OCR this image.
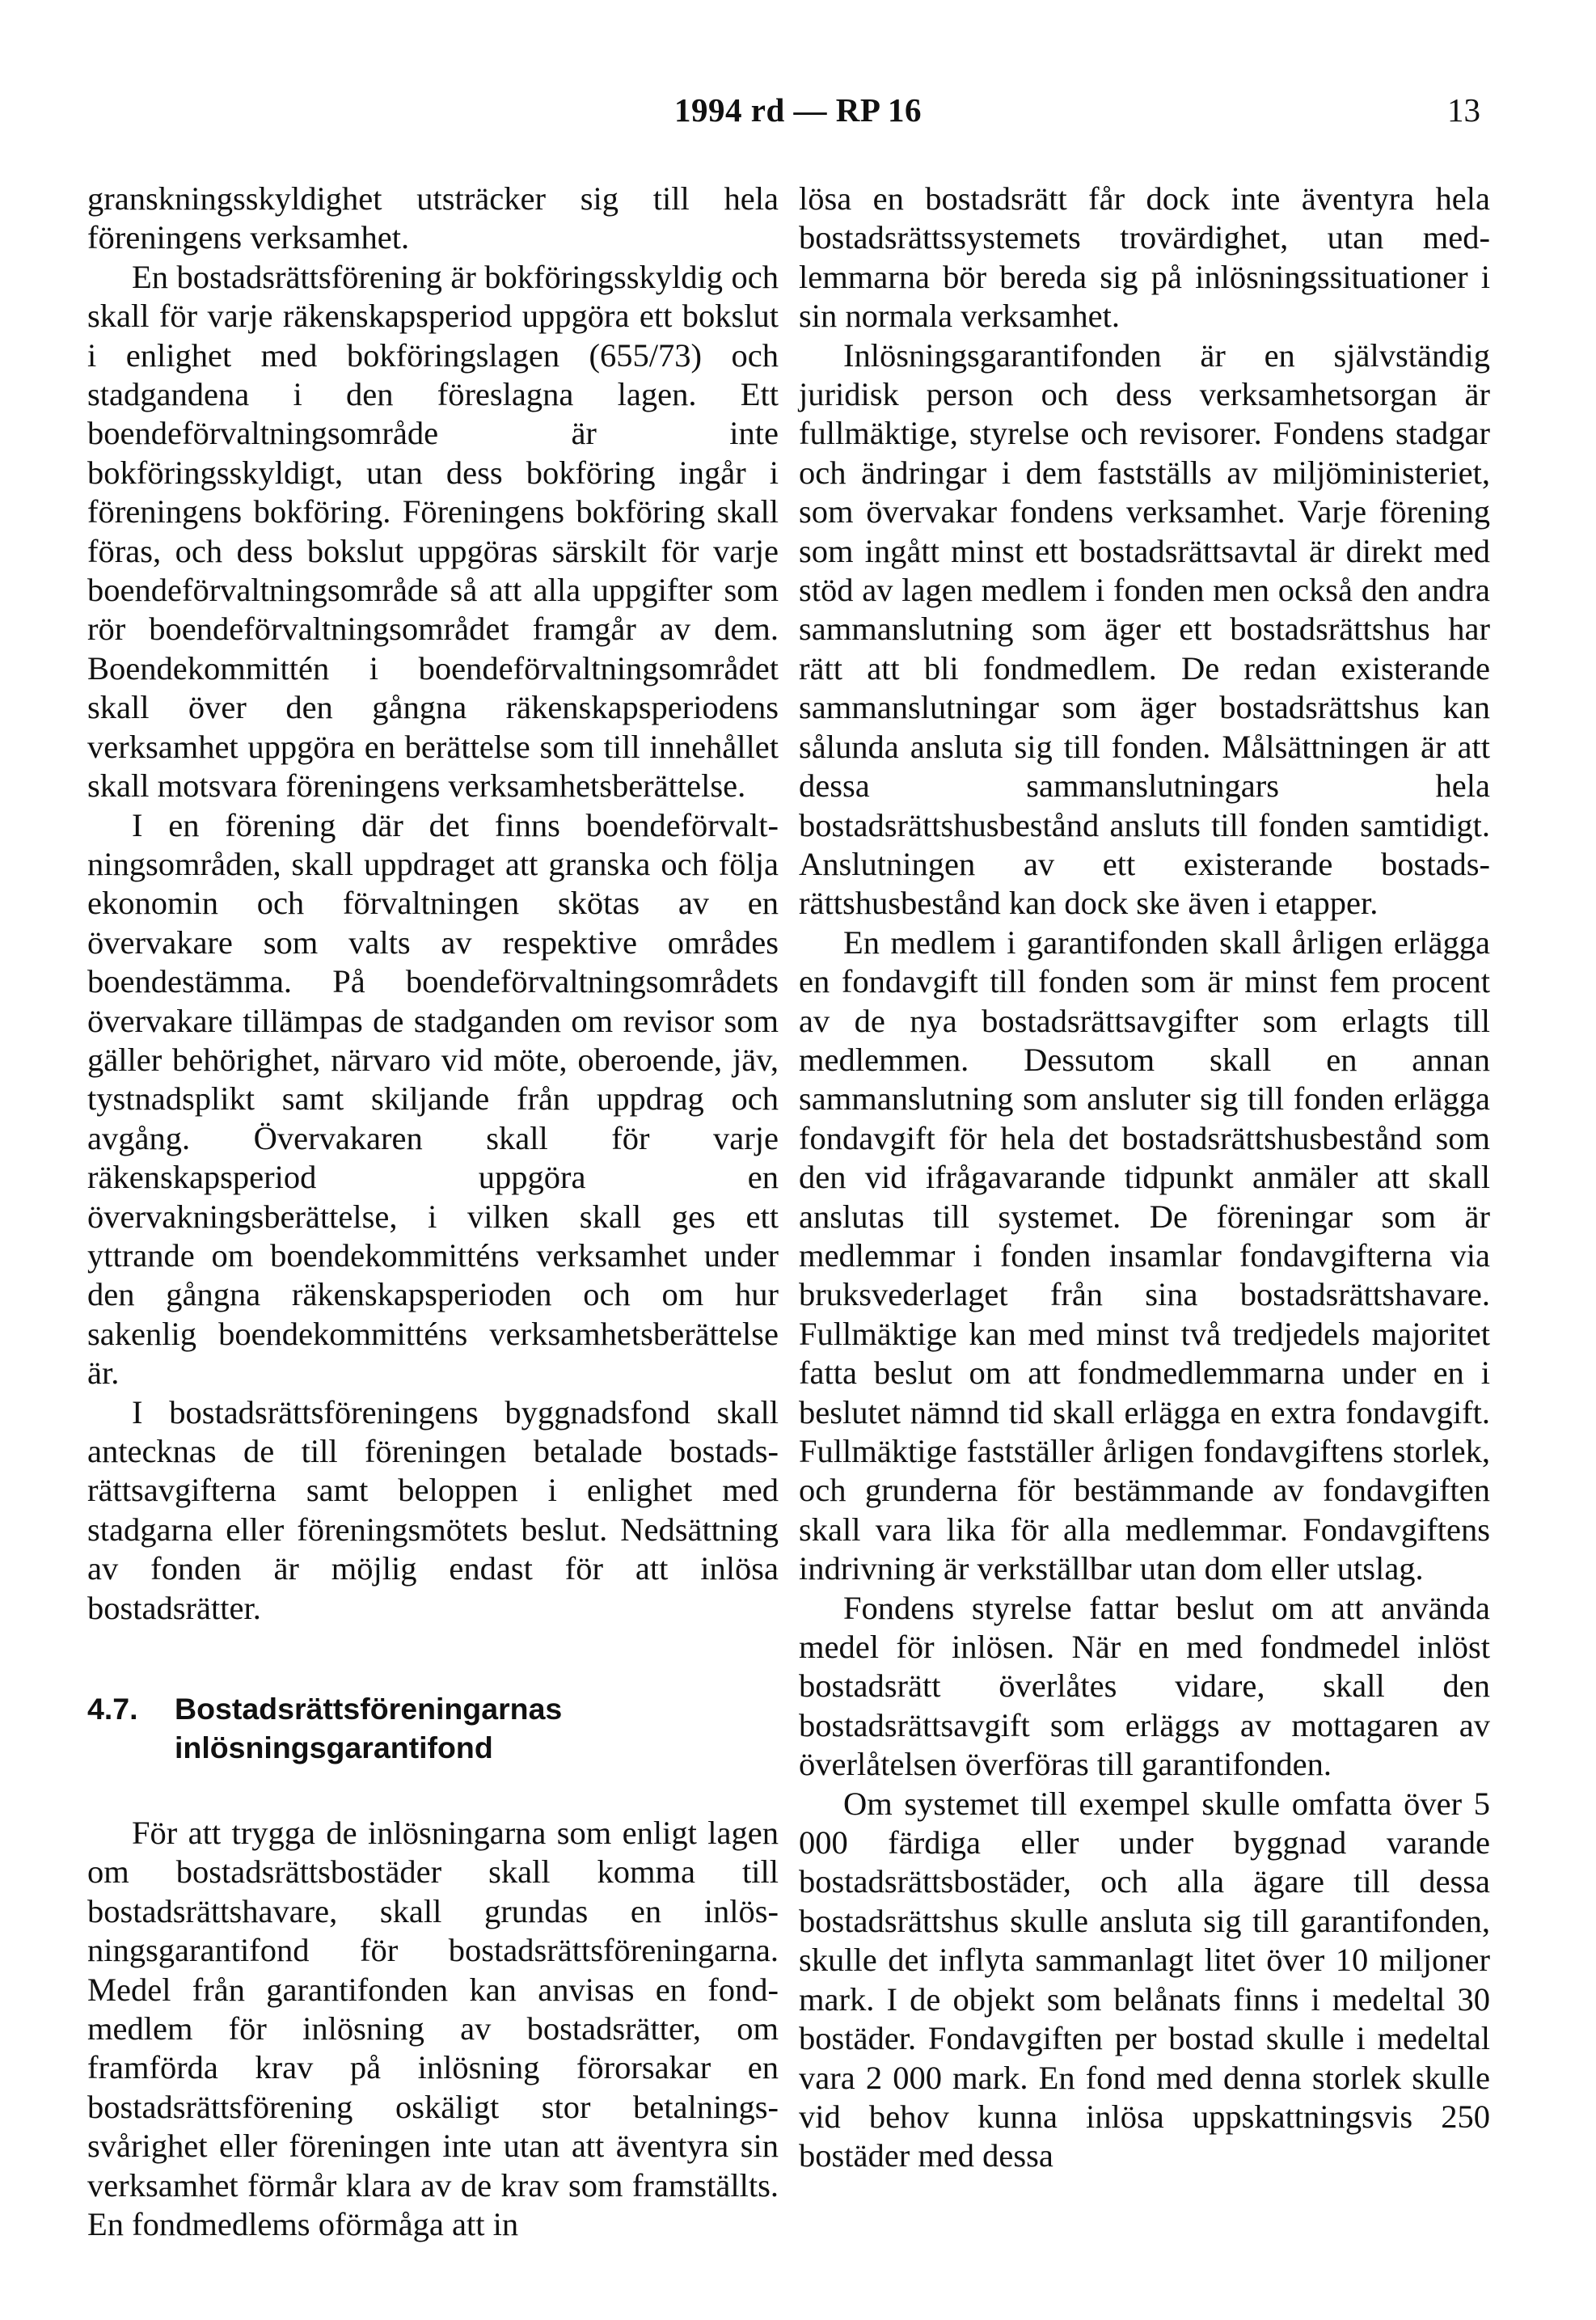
1994 rd — RP 16	13

granskningsskyldighet utsträcker sig till hela föreningens verksamhet.

En bostadsrättsförening är bokföringsskyldig och skall för varje räkenskapsperiod uppgöra ett bokslut i enlighet med bokföringslagen (655/73) och stadgandena i den föreslagna lagen. Ett boendeförvaltningsområde är inte bokföringsskyldigt, utan dess bokföring ingår i föreningens bokföring. Föreningens bokföring skall föras, och dess bokslut uppgöras särskilt för varje boendeförvaltningsområde så att alla uppgifter som rör boendeförvaltningsområdet framgår av dem. Boendekommittén i boendeförvaltningsområdet skall över den gångna räkenskapsperiodens verksamhet uppgöra en berättelse som till innehållet skall motsvara föreningens verksamhetsberättelse.

I en förening där det finns boendeförvaltningsområden, skall uppdraget att granska och följa ekonomin och förvaltningen skötas av en övervakare som valts av respektive områdes boendestämma. På boendeförvaltningsområdets övervakare tillämpas de stadganden om revisor som gäller behörighet, närvaro vid möte, oberoende, jäv, tystnadsplikt samt skiljande från uppdrag och avgång. Övervakaren skall för varje räkenskapsperiod uppgöra en övervakningsberättelse, i vilken skall ges ett yttrande om boendekommitténs verksamhet under den gångna räkenskapsperioden och om hur sakenlig boendekommitténs verksamhetsberättelse är.

I bostadsrättsföreningens byggnadsfond skall antecknas de till föreningen betalade bostadsrättsavgifterna samt beloppen i enlighet med stadgarna eller föreningsmötets beslut. Nedsättning av fonden är möjlig endast för att inlösa bostadsrätter.

4.7.	Bostadsrättsföreningarnas inlösningsgarantifond

För att trygga de inlösningarna som enligt lagen om bostadsrättsbostäder skall komma till bostadsrättshavare, skall grundas en inlösningsgarantifond för bostadsrättsföreningarna. Medel från garantifonden kan anvisas en fondmedlem för inlösning av bostadsrätter, om framförda krav på inlösning förorsakar en bostadsrättsförening oskäligt stor betalningssvårighet eller föreningen inte utan att äventyra sin verksamhet förmår klara av de krav som framställts. En fondmedlems oförmåga att in

lösa en bostadsrätt får dock inte äventyra hela bostadsrättssystemets trovärdighet, utan medlemmarna bör bereda sig på inlösningssituationer i sin normala verksamhet.

Inlösningsgarantifonden är en självständig juridisk person och dess verksamhetsorgan är fullmäktige, styrelse och revisorer. Fondens stadgar och ändringar i dem fastställs av miljöministeriet, som övervakar fondens verksamhet. Varje förening som ingått minst ett bostadsrättsavtal är direkt med stöd av lagen medlem i fonden men också den andra sammanslutning som äger ett bostadsrättshus har rätt att bli fondmedlem. De redan existerande sammanslutningar som äger bostadsrättshus kan sålunda ansluta sig till fonden. Målsättningen är att dessa sammanslutningars hela bostadsrättshusbestånd ansluts till fonden samtidigt. Anslutningen av ett existerande bostadsrättshusbestånd kan dock ske även i etapper.

En medlem i garantifonden skall årligen erlägga en fondavgift till fonden som är minst fem procent av de nya bostadsrättsavgifter som erlagts till medlemmen. Dessutom skall en annan sammanslutning som ansluter sig till fonden erlägga fondavgift för hela det bostadsrättshusbestånd som den vid ifrågavarande tidpunkt anmäler att skall anslutas till systemet. De föreningar som är medlemmar i fonden insamlar fondavgifterna via bruksvederlaget från sina bostadsrättshavare. Fullmäktige kan med minst två tredjedels majoritet fatta beslut om att fondmedlemmarna under en i beslutet nämnd tid skall erlägga en extra fondavgift. Fullmäktige fastställer årligen fondavgiftens storlek, och grunderna för bestämmande av fondavgiften skall vara lika för alla medlemmar. Fondavgiftens indrivning är verkställbar utan dom eller utslag.

Fondens styrelse fattar beslut om att använda medel för inlösen. När en med fondmedel inlöst bostadsrätt överlåtes vidare, skall den bostadsrättsavgift som erläggs av mottagaren av överlåtelsen överföras till garantifonden.

Om systemet till exempel skulle omfatta över 5 000 färdiga eller under byggnad varande bostadsrättsbostäder, och alla ägare till dessa bostadsrättshus skulle ansluta sig till garantifonden, skulle det inflyta sammanlagt litet över 10 miljoner mark. I de objekt som belånats finns i medeltal 30 bostäder. Fondavgiften per bostad skulle i medeltal vara 2 000 mark. En fond med denna storlek skulle vid behov kunna inlösa uppskattningsvis 250 bostäder med dessa
